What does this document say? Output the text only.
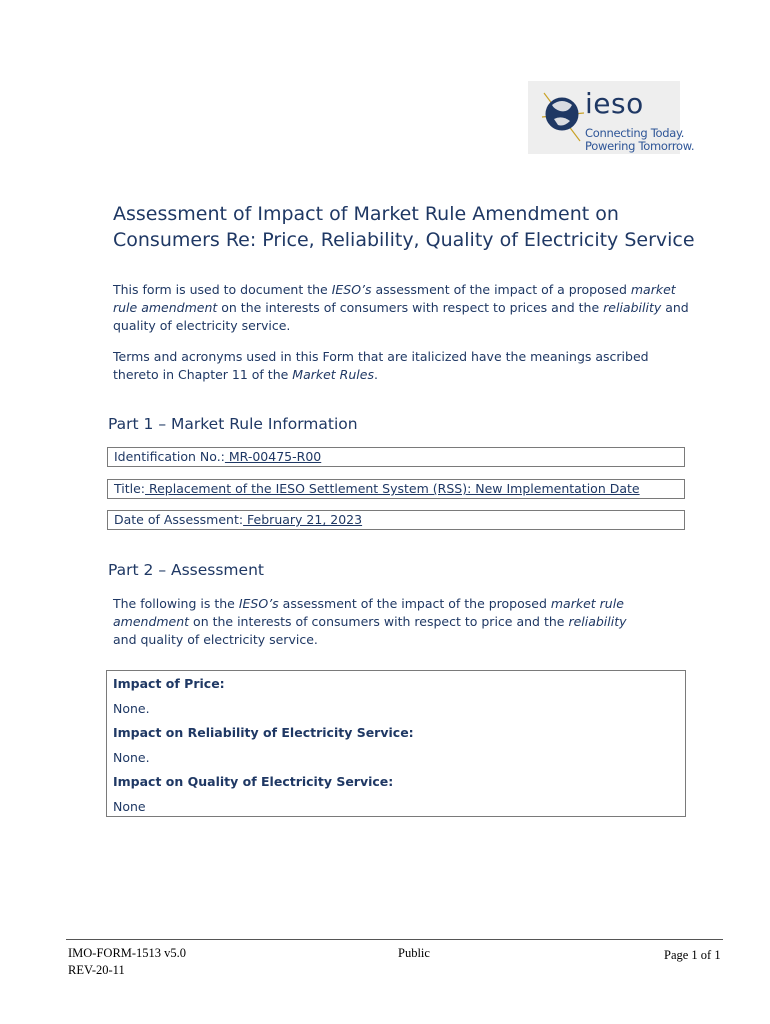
ieso
Connecting Today.
Powering Tomorrow.
Assessment of Impact of Market Rule Amendment on
Consumers Re: Price, Reliability, Quality of Electricity Service

This form is used to document the IESO’s assessment of the impact of a proposed market rule amendment on the interests of consumers with respect to prices and the reliability and quality of electricity service.

Terms and acronyms used in this Form that are italicized have the meanings ascribed thereto in Chapter 11 of the Market Rules.

Part 1 – Market Rule Information
Identification No.: MR-00475-R00
Title: Replacement of the IESO Settlement System (RSS): New Implementation Date
Date of Assessment: February 21, 2023
Part 2 – Assessment

The following is the IESO’s assessment of the impact of the proposed market rule amendment on the interests of consumers with respect to price and the reliability and quality of electricity service.

Impact of Price:
None.
Impact on Reliability of Electricity Service:
None.
Impact on Quality of Electricity Service:
None
IMO-FORM-1513 v5.0
REV-20-11
Public	Page 1 of 1
